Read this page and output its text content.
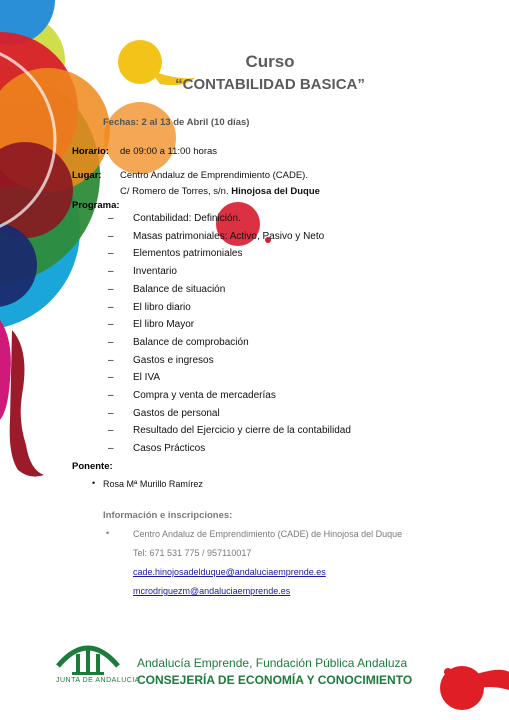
Curso
“CONTABILIDAD BASICA”
Fechas: 2 al 13 de Abril (10 días)
Horario: de 09:00 a 11:00 horas
Lugar: Centro Andaluz de Emprendimiento (CADE).
C/ Romero de Torres, s/n. Hinojosa del Duque
Programa:
– Contabilidad: Definición.
– Masas patrimoniales: Activo, Pasivo y Neto
– Elementos patrimoniales
– Inventario
– Balance de situación
– El libro diario
– El libro Mayor
– Balance de comprobación
– Gastos e ingresos
– El IVA
– Compra y venta de mercaderías
– Gastos de personal
– Resultado del Ejercicio y cierre de la contabilidad
– Casos Prácticos
Ponente:
• Rosa Mª Murillo Ramírez
Información e inscripciones:
•	Centro Andaluz de Emprendimiento (CADE) de Hinojosa del Duque
Tel: 671 531 775 / 957110017
cade.hinojosadelduque@andaluciaemprende.es
mcrodriguezm@andaluciaemprende.es
JUNTA DE ANDALUCIA
Andalucía Emprende, Fundación Pública Andaluza
CONSEJERÍA DE ECONOMÍA Y CONOCIMIENTO
